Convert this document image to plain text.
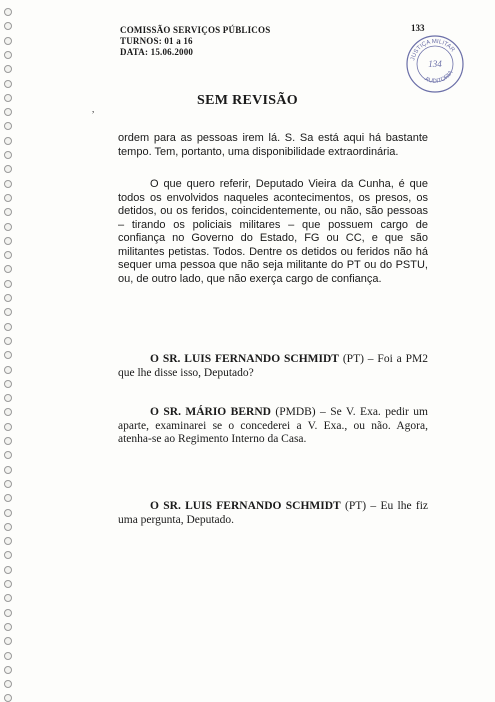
COMISSÃO SERVIÇOS PÚBLICOS
TURNOS: 01 a 16
DATA: 15.06.2000
133
JUSTIÇA MILITAR
AUDITORIA
134
,
SEM REVISÃO
ordem para as pessoas irem lá. S. Sa está aqui há bastante tempo. Tem, portanto, uma disponibilidade extraordinária.
O que quero referir, Deputado Vieira da Cunha, é que todos os envolvidos naqueles acontecimentos, os presos, os detidos, ou os feridos, coincidentemente, ou não, são pessoas – tirando os policiais militares – que possuem cargo de confiança no Governo do Estado, FG ou CC, e que são militantes petistas. Todos. Dentre os detidos ou feridos não há sequer uma pessoa que não seja militante do PT ou do PSTU, ou, de outro lado, que não exerça cargo de confiança.
O SR. LUIS FERNANDO SCHMIDT (PT) – Foi a PM2 que lhe disse isso, Deputado?
O SR. MÁRIO BERND (PMDB) – Se V. Exa. pedir um aparte, examinarei se o concederei a V. Exa., ou não. Agora, atenha-se ao Regimento Interno da Casa.
O SR. LUIS FERNANDO SCHMIDT (PT) – Eu lhe fiz uma pergunta, Deputado.
